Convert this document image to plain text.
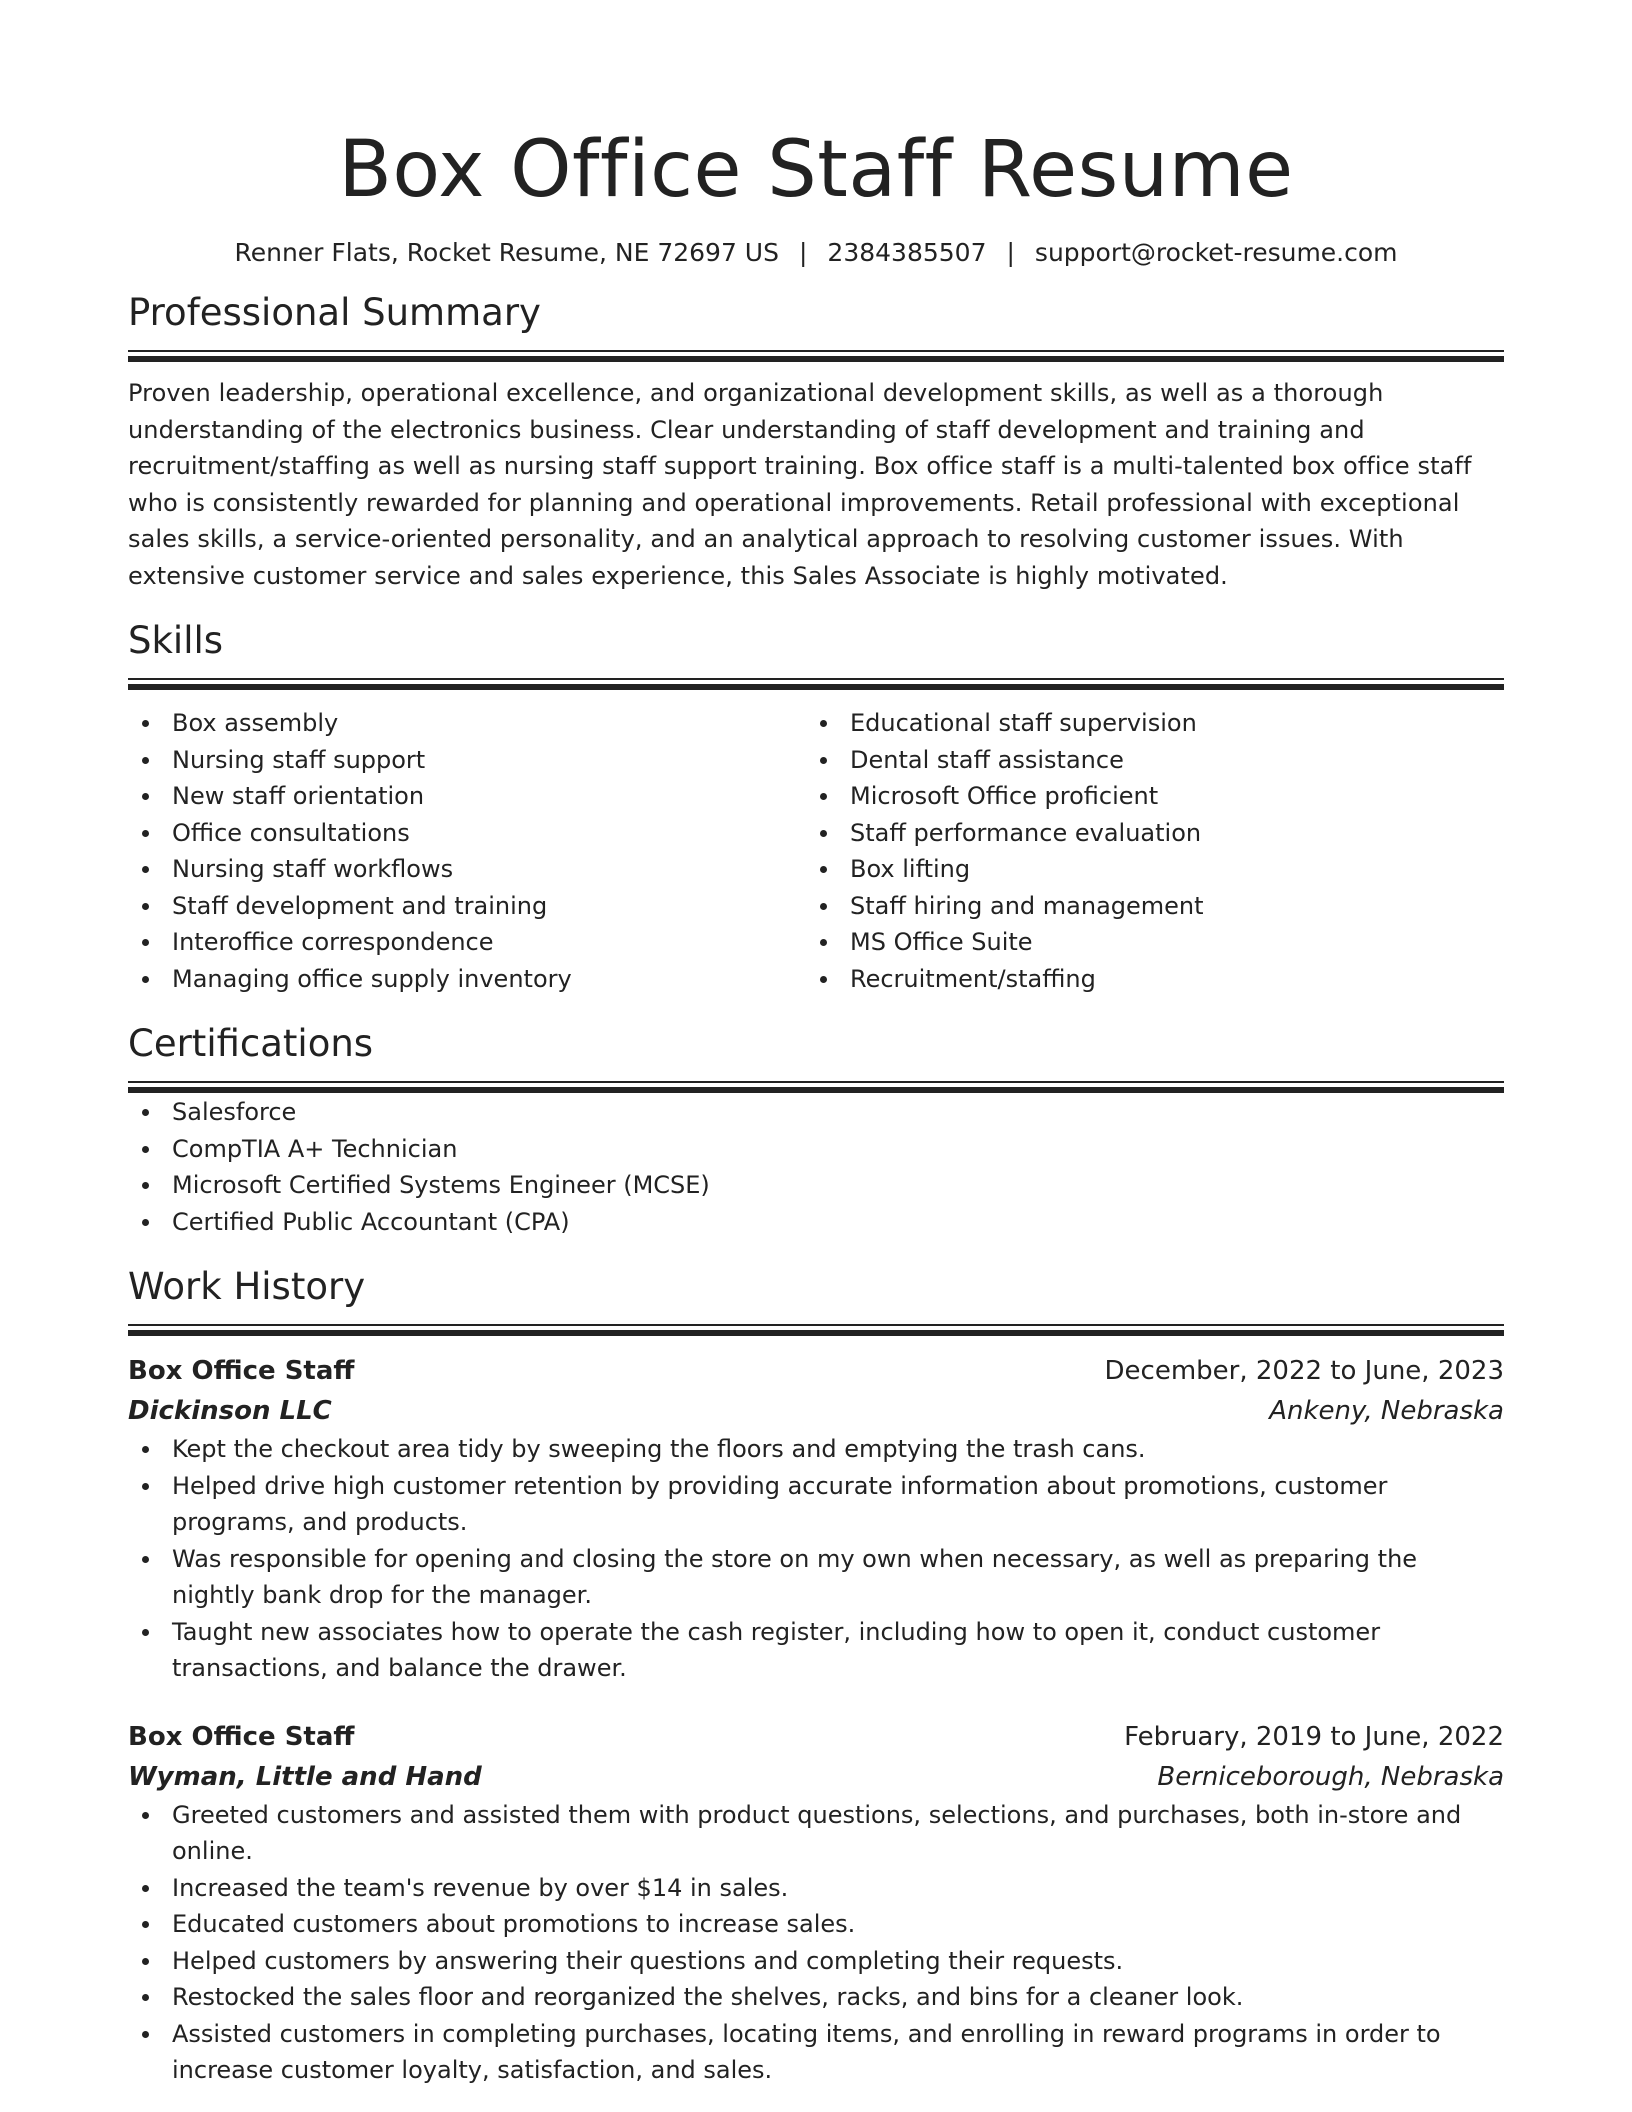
Box Office Staff Resume
Renner Flats, Rocket Resume, NE 72697 US | 2384385507 | support@rocket-resume.com
Professional Summary

Proven leadership, operational excellence, and organizational development skills, as well as a thorough understanding of the electronics business. Clear understanding of staff development and training and recruitment/staffing as well as nursing staff support training. Box office staff is a multi-talented box office staff who is consistently rewarded for planning and operational improvements. Retail professional with exceptional sales skills, a service-oriented personality, and an analytical approach to resolving customer issues. With extensive customer service and sales experience, this Sales Associate is highly motivated.

Skills
Box assembly
Nursing staff support
New staff orientation
Office consultations
Nursing staff workflows
Staff development and training
Interoffice correspondence
Managing office supply inventory
Educational staff supervision
Dental staff assistance
Microsoft Office proficient
Staff performance evaluation
Box lifting
Staff hiring and management
MS Office Suite
Recruitment/staffing
Certifications
Salesforce
CompTIA A+ Technician
Microsoft Certified Systems Engineer (MCSE)
Certified Public Accountant (CPA)
Work History
Box Office Staff	December, 2022 to June, 2023
Dickinson LLC	Ankeny, Nebraska
Kept the checkout area tidy by sweeping the floors and emptying the trash cans.
Helped drive high customer retention by providing accurate information about promotions, customer programs, and products.
Was responsible for opening and closing the store on my own when necessary, as well as preparing the nightly bank drop for the manager.
Taught new associates how to operate the cash register, including how to open it, conduct customer transactions, and balance the drawer.
Box Office Staff	February, 2019 to June, 2022
Wyman, Little and Hand	Berniceborough, Nebraska
Greeted customers and assisted them with product questions, selections, and purchases, both in-store and online.
Increased the team's revenue by over $14 in sales.
Educated customers about promotions to increase sales.
Helped customers by answering their questions and completing their requests.
Restocked the sales floor and reorganized the shelves, racks, and bins for a cleaner look.
Assisted customers in completing purchases, locating items, and enrolling in reward programs in order to increase customer loyalty, satisfaction, and sales.
